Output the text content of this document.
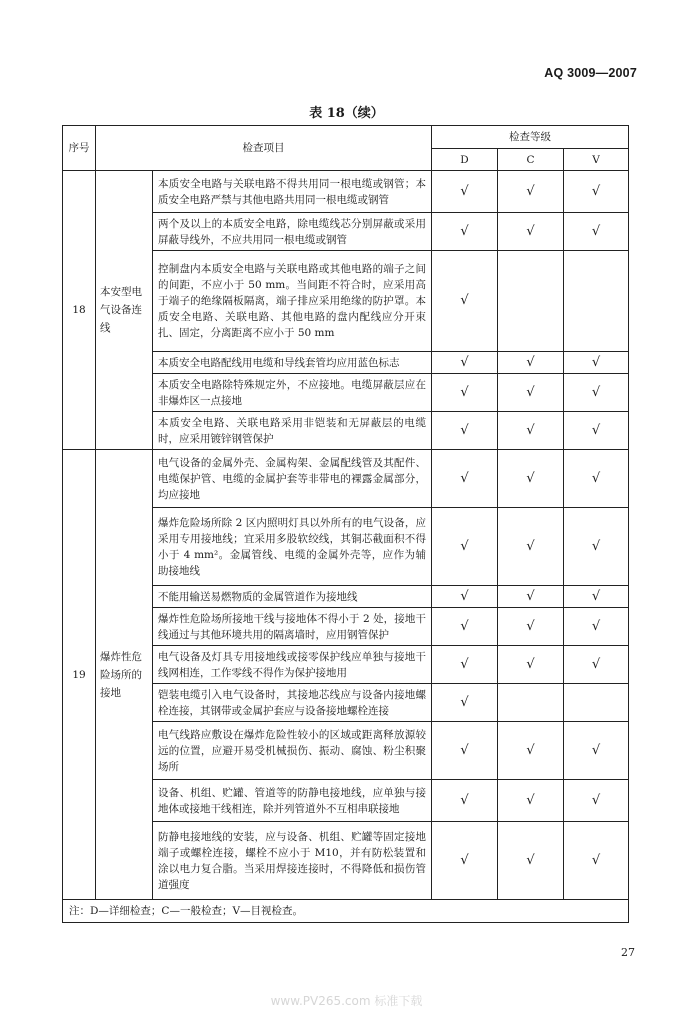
AQ 3009—2007
表 18（续）
序号	检查项目		检查等级		
			D	C	V
18	本安型电气设备连线	本质安全电路与关联电路不得共用同一根电缆或钢管；本质安全电路严禁与其他电路共用同一根电缆或钢管	√	√	√
		两个及以上的本质安全电路，除电缆线芯分别屏蔽或采用屏蔽导线外，不应共用同一根电缆或钢管	√	√	√
		控制盘内本质安全电路与关联电路或其他电路的端子之间的间距，不应小于 50 mm。当间距不符合时，应采用高于端子的绝缘隔板隔离，端子排应采用绝缘的防护罩。本质安全电路、关联电路、其他电路的盘内配线应分开束扎、固定，分离距离不应小于 50 mm	√		
		本质安全电路配线用电缆和导线套管均应用蓝色标志	√	√	√
		本质安全电路除特殊规定外，不应接地。电缆屏蔽层应在非爆炸区一点接地	√	√	√
		本质安全电路、关联电路采用非铠装和无屏蔽层的电缆时，应采用镀锌钢管保护	√	√	√
19	爆炸性危险场所的接地	电气设备的金属外壳、金属构架、金属配线管及其配件、电缆保护管、电缆的金属护套等非带电的裸露金属部分，均应接地	√	√	√
		爆炸危险场所除 2 区内照明灯具以外所有的电气设备，应采用专用接地线；宜采用多股软绞线，其铜芯截面积不得小于 4 mm²。金属管线、电缆的金属外壳等，应作为辅助接地线	√	√	√
		不能用输送易燃物质的金属管道作为接地线	√	√	√
		爆炸性危险场所接地干线与接地体不得小于 2 处，接地干线通过与其他环境共用的隔离墙时，应用钢管保护	√	√	√
		电气设备及灯具专用接地线或接零保护线应单独与接地干线网相连，工作零线不得作为保护接地用	√	√	√
		铠装电缆引入电气设备时，其接地芯线应与设备内接地螺栓连接，其钢带或金属护套应与设备接地螺栓连接	√		
		电气线路应敷设在爆炸危险性较小的区域或距离释放源较远的位置，应避开易受机械损伤、振动、腐蚀、粉尘积聚场所	√	√	√
		设备、机组、贮罐、管道等的防静电接地线，应单独与接地体或接地干线相连，除并列管道外不互相串联接地	√	√	√
		防静电接地线的安装，应与设备、机组、贮罐等固定接地端子或螺栓连接，螺栓不应小于 M10，并有防松装置和涂以电力复合脂。当采用焊接连接时，不得降低和损伤管道强度	√	√	√
注：D—详细检查；C—一般检查；V—目视检查。					
27
www.PV265.com 标准下载
